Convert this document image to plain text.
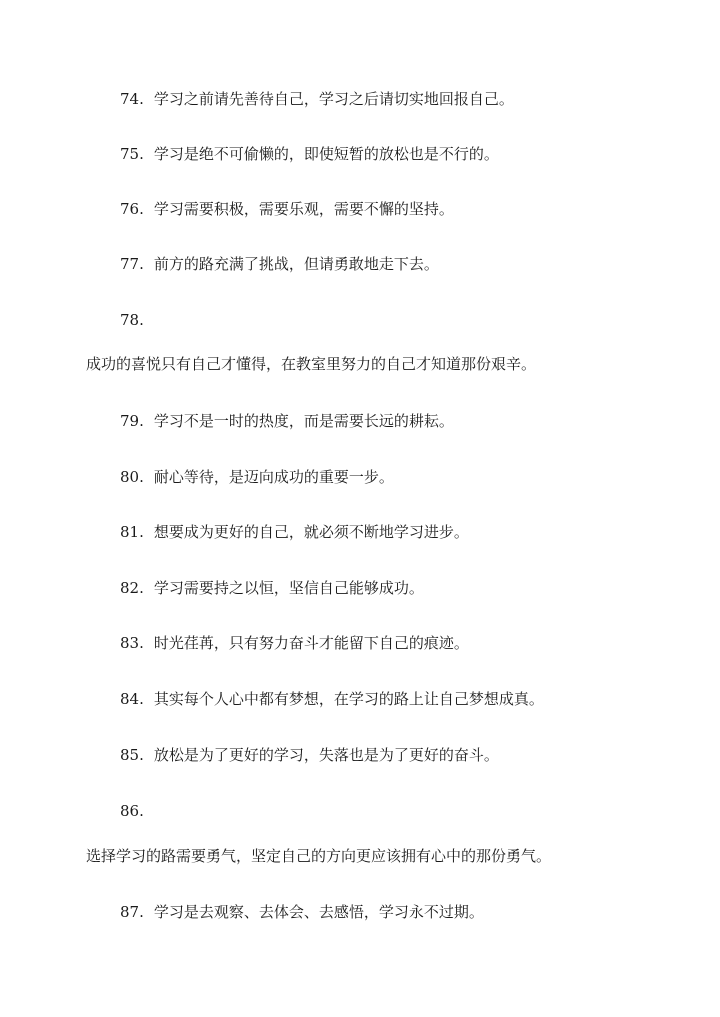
74. 学习之前请先善待自己，学习之后请切实地回报自己。
75. 学习是绝不可偷懒的，即使短暂的放松也是不行的。
76. 学习需要积极，需要乐观，需要不懈的坚持。
77. 前方的路充满了挑战，但请勇敢地走下去。
78.
成功的喜悦只有自己才懂得，在教室里努力的自己才知道那份艰辛。
79. 学习不是一时的热度，而是需要长远的耕耘。
80. 耐心等待，是迈向成功的重要一步。
81. 想要成为更好的自己，就必须不断地学习进步。
82. 学习需要持之以恒，坚信自己能够成功。
83. 时光荏苒，只有努力奋斗才能留下自己的痕迹。
84. 其实每个人心中都有梦想，在学习的路上让自己梦想成真。
85. 放松是为了更好的学习，失落也是为了更好的奋斗。
86.
选择学习的路需要勇气，坚定自己的方向更应该拥有心中的那份勇气。
87. 学习是去观察、去体会、去感悟，学习永不过期。
